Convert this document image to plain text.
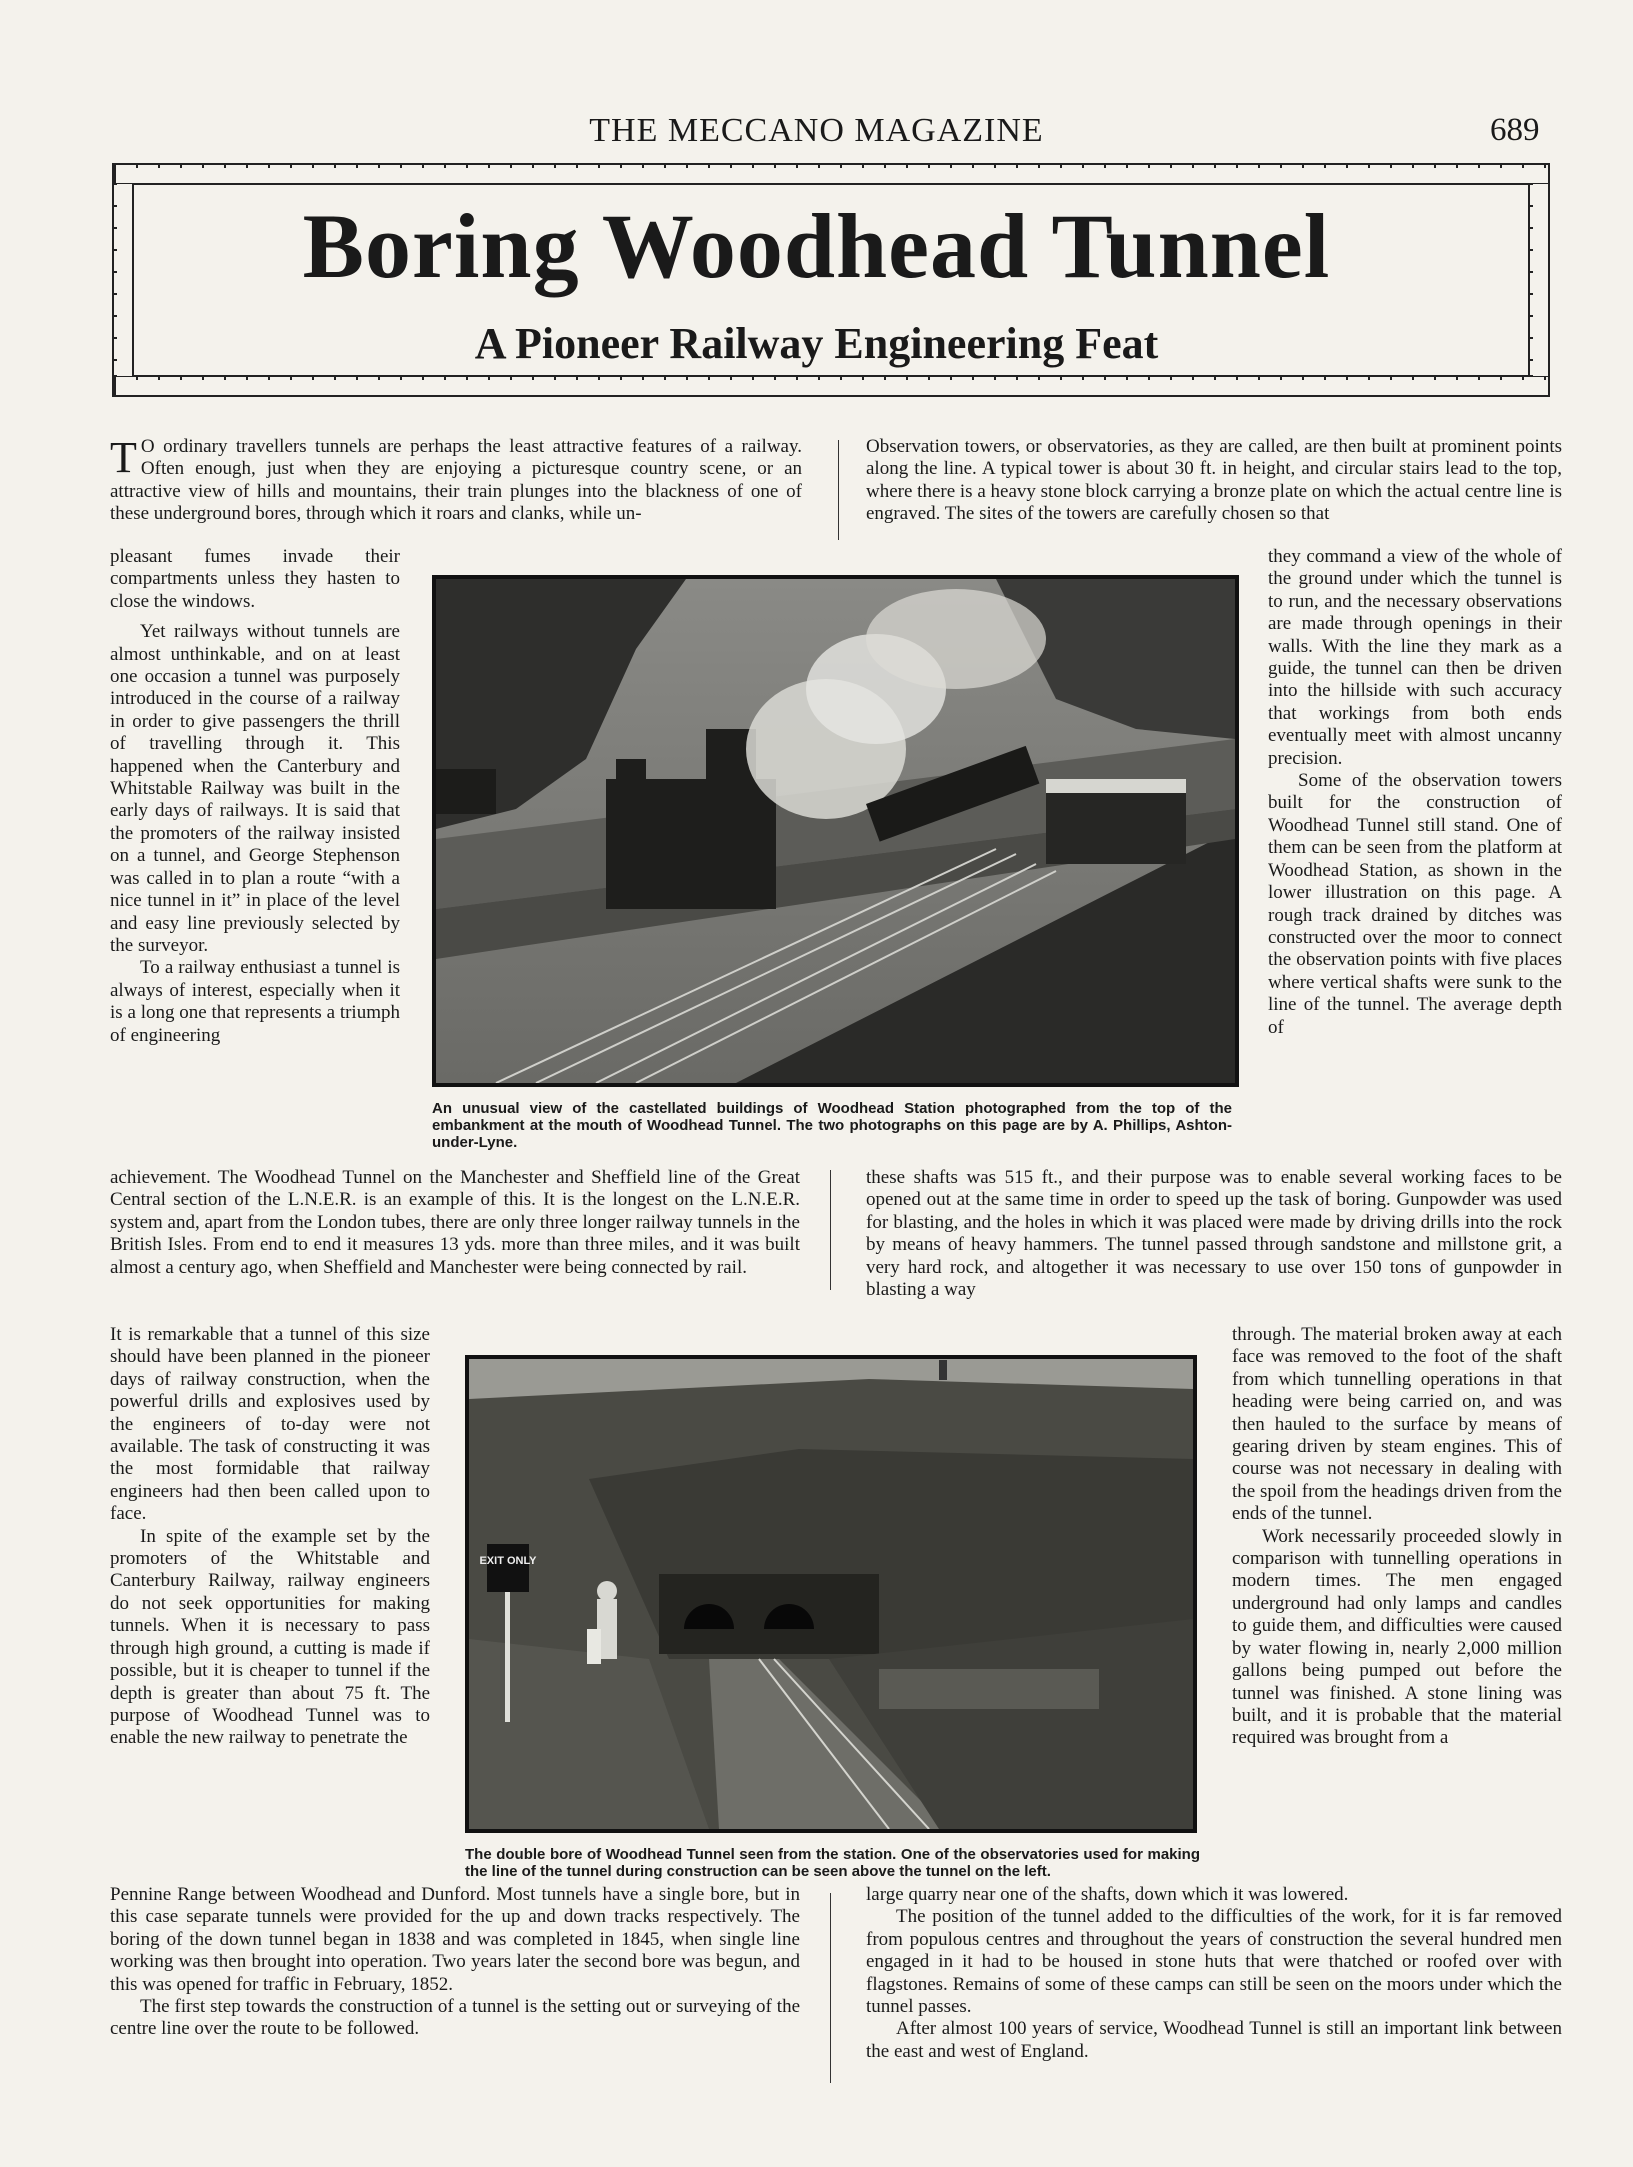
THE MECCANO MAGAZINE	689
Boring Woodhead Tunnel
A Pioneer Railway Engineering Feat

T O ordinary travellers tunnels are perhaps the least attractive features of a railway. Often enough, just when they are enjoying a picturesque country scene, or an attractive view of hills and mountains, their train plunges into the blackness of one of these underground bores, through which it roars and clanks, while un-

pleasant fumes invade their compartments unless they hasten to close the windows.

Yet railways without tunnels are almost unthinkable, and on at least one occasion a tunnel was purposely introduced in the course of a railway in order to give passengers the thrill of travelling through it. This happened when the Canterbury and Whitstable Railway was built in the early days of railways. It is said that the promoters of the railway insisted on a tunnel, and George Stephenson was called in to plan a route “with a nice tunnel in it” in place of the level and easy line previously selected by the surveyor.

To a railway enthusiast a tunnel is always of interest, especially when it is a long one that represents a triumph of engineering

achievement. The Woodhead Tunnel on the Manchester and Sheffield line of the Great Central section of the L.N.E.R. is an example of this. It is the longest on the L.N.E.R. system and, apart from the London tubes, there are only three longer railway tunnels in the British Isles. From end to end it measures 13 yds. more than three miles, and it was built almost a century ago, when Sheffield and Manchester were being connected by rail.

It is remarkable that a tunnel of this size should have been planned in the pioneer days of railway construction, when the powerful drills and explosives used by the engineers of to-day were not available. The task of constructing it was the most formidable that railway engineers had then been called upon to face.

In spite of the example set by the promoters of the Whitstable and Canterbury Railway, railway engineers do not seek opportunities for making tunnels. When it is necessary to pass through high ground, a cutting is made if possible, but it is cheaper to tunnel if the depth is greater than about 75 ft. The purpose of Woodhead Tunnel was to enable the new railway to penetrate the

Pennine Range between Woodhead and Dunford. Most tunnels have a single bore, but in this case separate tunnels were provided for the up and down tracks respectively. The boring of the down tunnel began in 1838 and was completed in 1845, when single line working was then brought into operation. Two years later the second bore was begun, and this was opened for traffic in February, 1852.

The first step towards the construction of a tunnel is the setting out or surveying of the centre line over the route to be followed.

Observation towers, or observatories, as they are called, are then built at prominent points along the line. A typical tower is about 30 ft. in height, and circular stairs lead to the top, where there is a heavy stone block carrying a bronze plate on which the actual centre line is engraved. The sites of the towers are carefully chosen so that

they command a view of the whole of the ground under which the tunnel is to run, and the necessary observations are made through openings in their walls. With the line they mark as a guide, the tunnel can then be driven into the hillside with such accuracy that workings from both ends eventually meet with almost uncanny precision.

Some of the observation towers built for the construction of Woodhead Tunnel still stand. One of them can be seen from the platform at Woodhead Station, as shown in the lower illustration on this page. A rough track drained by ditches was constructed over the moor to connect the observation points with five places where vertical shafts were sunk to the line of the tunnel. The average depth of

these shafts was 515 ft., and their purpose was to enable several working faces to be opened out at the same time in order to speed up the task of boring. Gunpowder was used for blasting, and the holes in which it was placed were made by driving drills into the rock by means of heavy hammers. The tunnel passed through sandstone and millstone grit, a very hard rock, and altogether it was necessary to use over 150 tons of gunpowder in blasting a way

through. The material broken away at each face was removed to the foot of the shaft from which tunnelling operations in that heading were being carried on, and was then hauled to the surface by means of gearing driven by steam engines. This of course was not necessary in dealing with the spoil from the headings driven from the ends of the tunnel.

Work necessarily proceeded slowly in comparison with tunnelling operations in modern times. The men engaged underground had only lamps and candles to guide them, and difficulties were caused by water flowing in, nearly 2,000 million gallons being pumped out before the tunnel was finished. A stone lining was built, and it is probable that the material required was brought from a

large quarry near one of the shafts, down which it was lowered.

The position of the tunnel added to the difficulties of the work, for it is far removed from populous centres and throughout the years of construction the several hundred men engaged in it had to be housed in stone huts that were thatched or roofed over with flagstones. Remains of some of these camps can still be seen on the moors under which the tunnel passes.

After almost 100 years of service, Woodhead Tunnel is still an important link between the east and west of England.

An unusual view of the castellated buildings of Woodhead Station photographed from the top of the embankment at the mouth of Woodhead Tunnel. The two photographs on this page are by A. Phillips, Ashton-under-Lyne.
EXIT ONLY
The double bore of Woodhead Tunnel seen from the station. One of the observatories used for making the line of the tunnel during construction can be seen above the tunnel on the left.
